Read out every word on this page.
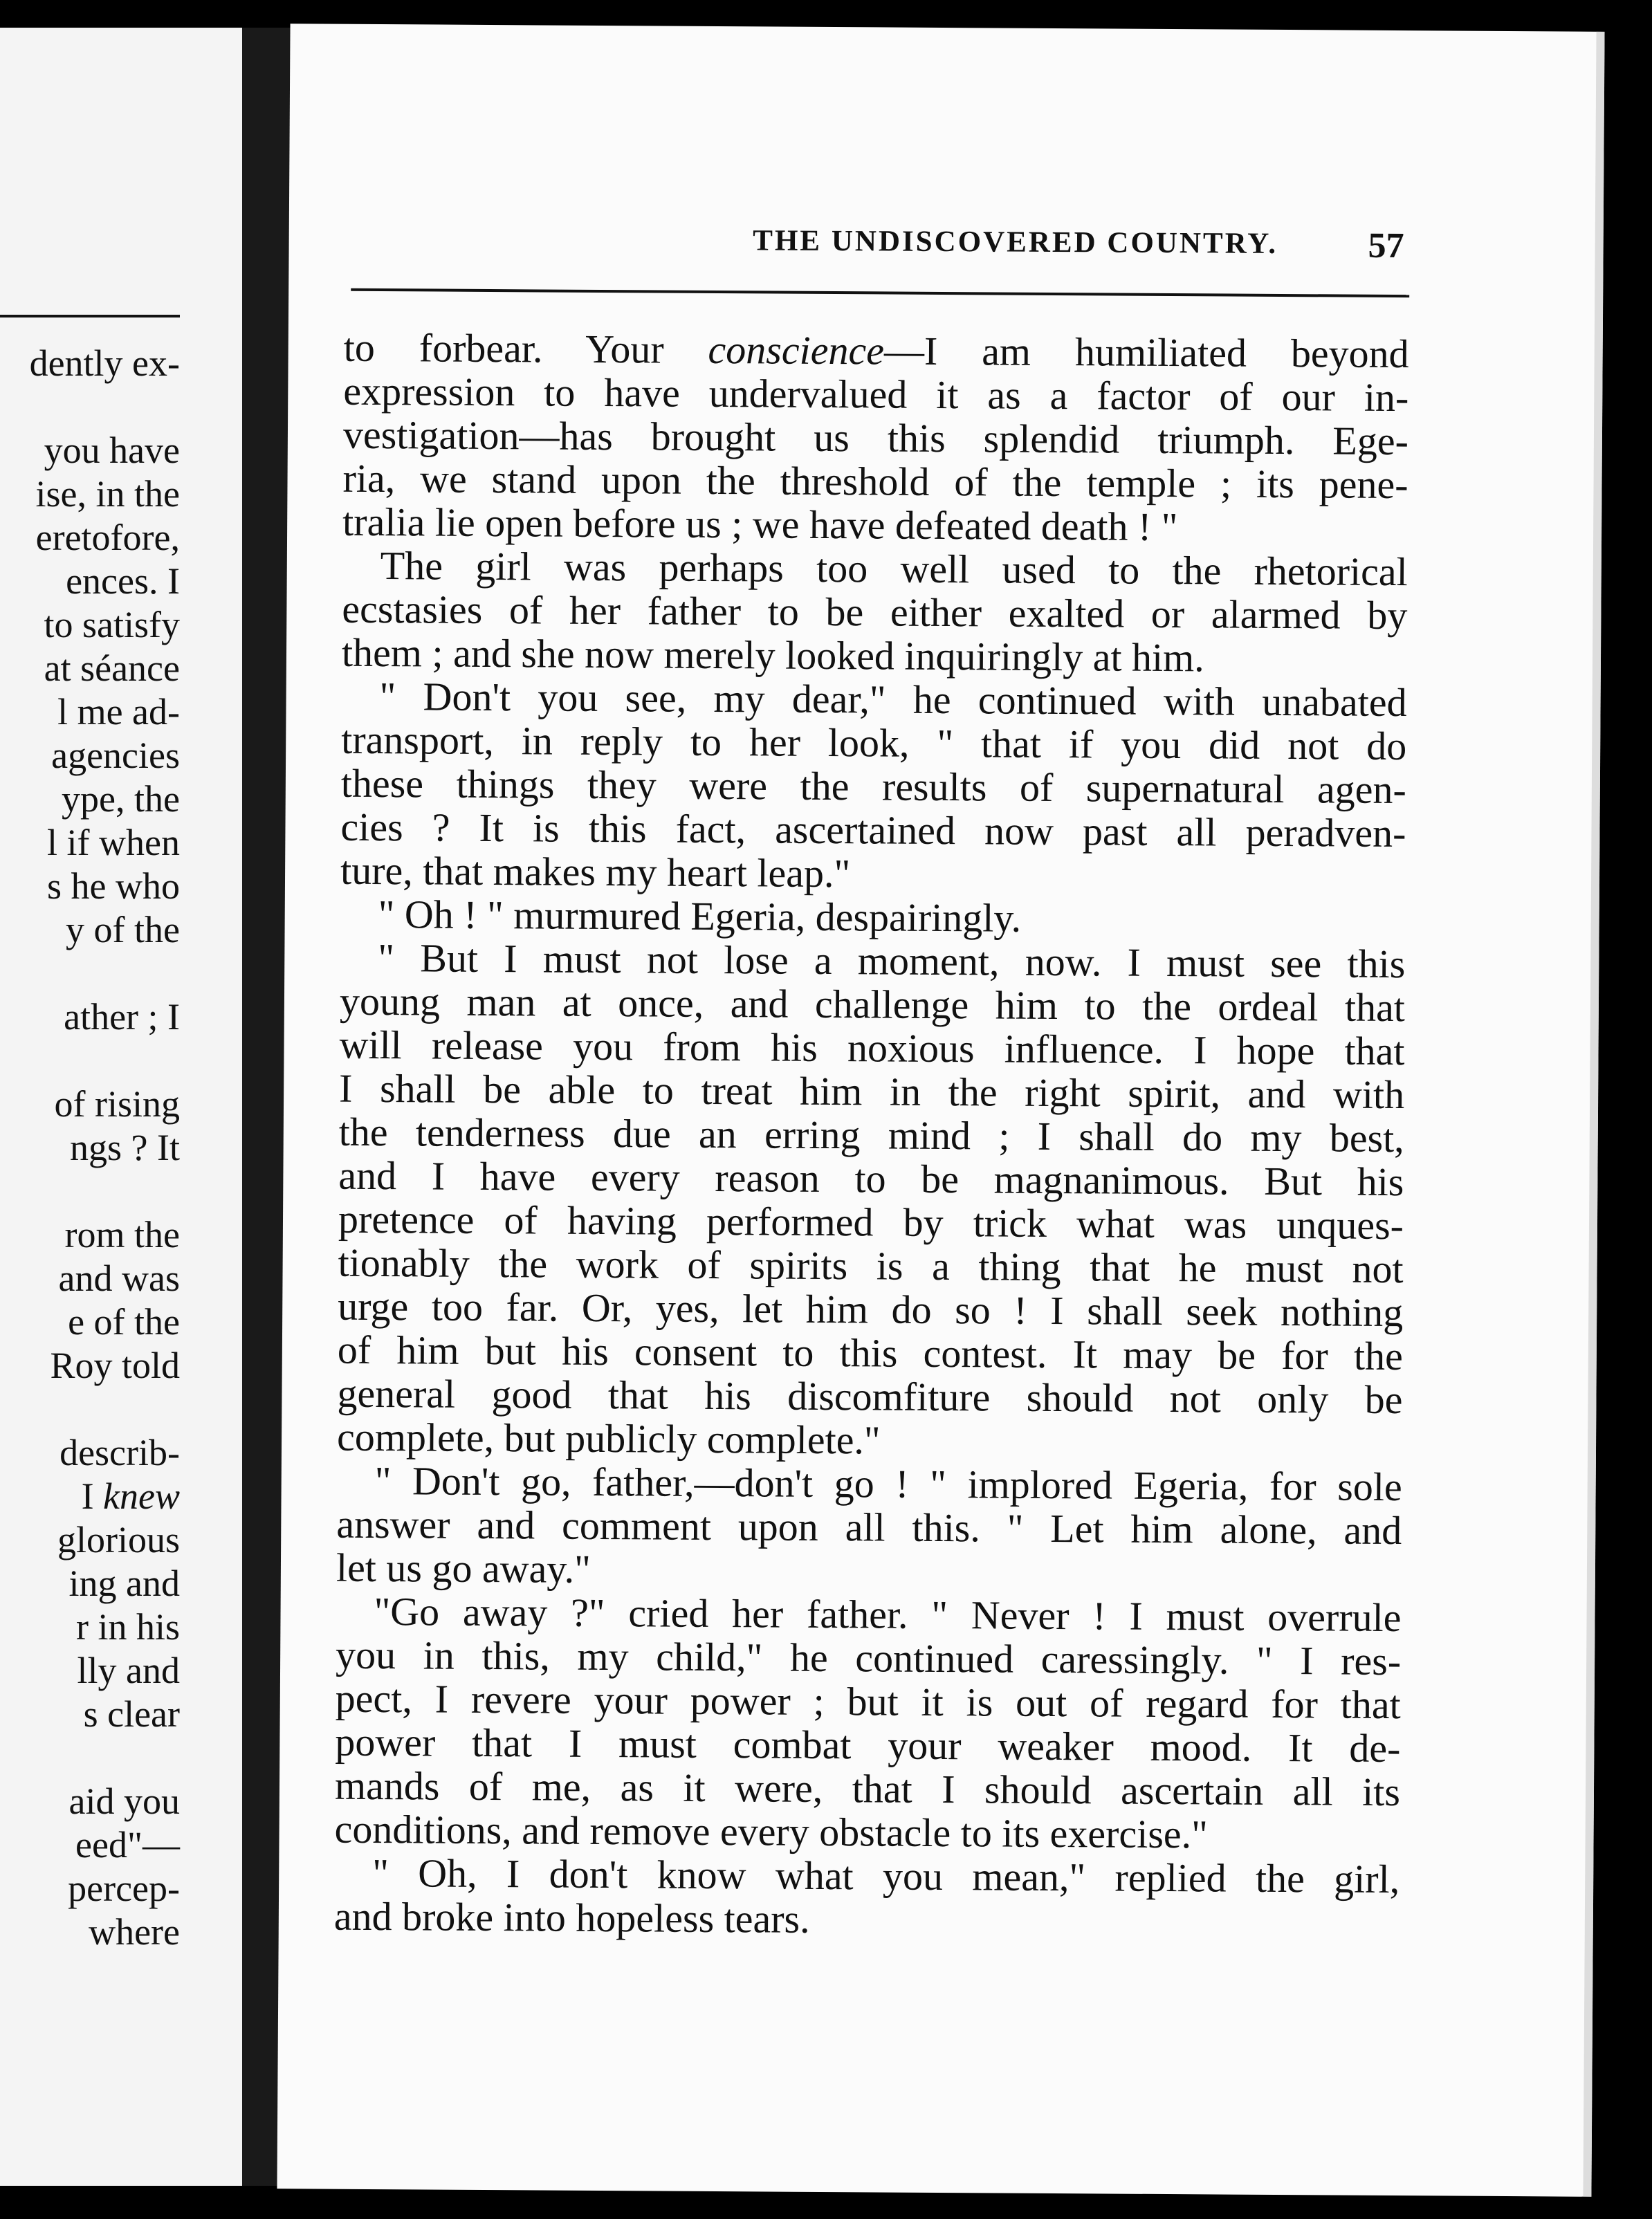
dently ex-
you have
ise, in the
eretofore,
ences. I
to satisfy
at séance
l me ad-
agencies
ype, the
l if when
s he who
y of the
ather ; I
of rising
ngs ? It
rom the
and was
e of the
Roy told
describ-
I knew
glorious
ing and
r in his
lly and
s clear
aid you
eed"—
percep-
where
THE UNDISCOVERED COUNTRY.	57
to forbear. Your conscience—I am humiliated beyond
expression to have undervalued it as a factor of our in-
vestigation—has brought us this splendid triumph. Ege-
ria, we stand upon the threshold of the temple ; its pene-
tralia lie open before us ; we have defeated death ! "
The girl was perhaps too well used to the rhetorical
ecstasies of her father to be either exalted or alarmed by
them ; and she now merely looked inquiringly at him.
" Don't you see, my dear," he continued with unabated
transport, in reply to her look, " that if you did not do
these things they were the results of supernatural agen-
cies ? It is this fact, ascertained now past all peradven-
ture, that makes my heart leap."
" Oh ! " murmured Egeria, despairingly.
" But I must not lose a moment, now. I must see this
young man at once, and challenge him to the ordeal that
will release you from his noxious influence. I hope that
I shall be able to treat him in the right spirit, and with
the tenderness due an erring mind ; I shall do my best,
and I have every reason to be magnanimous. But his
pretence of having performed by trick what was unques-
tionably the work of spirits is a thing that he must not
urge too far. Or, yes, let him do so ! I shall seek nothing
of him but his consent to this contest. It may be for the
general good that his discomfiture should not only be
complete, but publicly complete."
" Don't go, father,—don't go ! " implored Egeria, for sole
answer and comment upon all this. " Let him alone, and
let us go away."
"Go away ?" cried her father. " Never ! I must overrule
you in this, my child," he continued caressingly. " I res-
pect, I revere your power ; but it is out of regard for that
power that I must combat your weaker mood. It de-
mands of me, as it were, that I should ascertain all its
conditions, and remove every obstacle to its exercise."
" Oh, I don't know what you mean," replied the girl,
and broke into hopeless tears.
